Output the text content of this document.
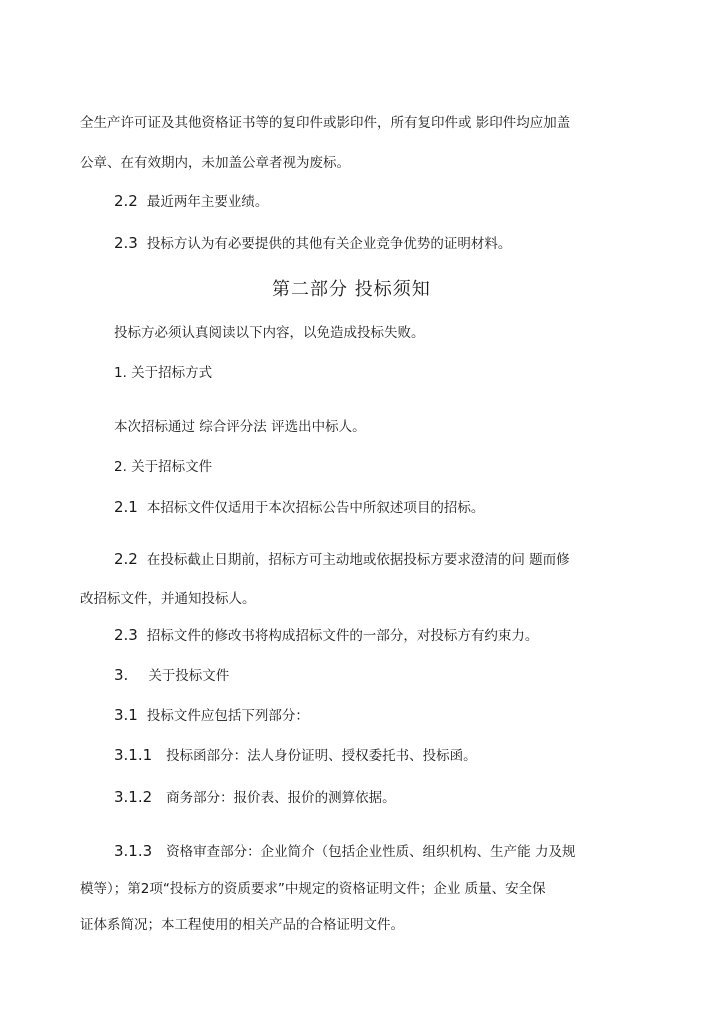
全生产许可证及其他资格证书等的复印件或影印件，所有复印件或 影印件均应加盖
公章、在有效期内，未加盖公章者视为废标。
2.2 最近两年主要业绩。
2.3 投标方认为有必要提供的其他有关企业竞争优势的证明材料。
第二部分 投标须知
投标方必须认真阅读以下内容，以免造成投标失败。
1. 关于招标方式
本次招标通过 综合评分法 评选出中标人。
2. 关于招标文件
2.1 本招标文件仅适用于本次招标公告中所叙述项目的招标。
2.2 在投标截止日期前，招标方可主动地或依据投标方要求澄清的问 题而修
改招标文件，并通知投标人。
2.3 招标文件的修改书将构成招标文件的一部分，对投标方有约束力。
3. 关于投标文件
3.1 投标文件应包括下列部分：
3.1.1 投标函部分：法人身份证明、授权委托书、投标函。
3.1.2 商务部分：报价表、报价的测算依据。
3.1.3 资格审查部分：企业简介（包括企业性质、组织机构、生产能 力及规
模等）；第2项“投标方的资质要求”中规定的资格证明文件；企业 质量、安全保
证体系简况；本工程使用的相关产品的合格证明文件。
